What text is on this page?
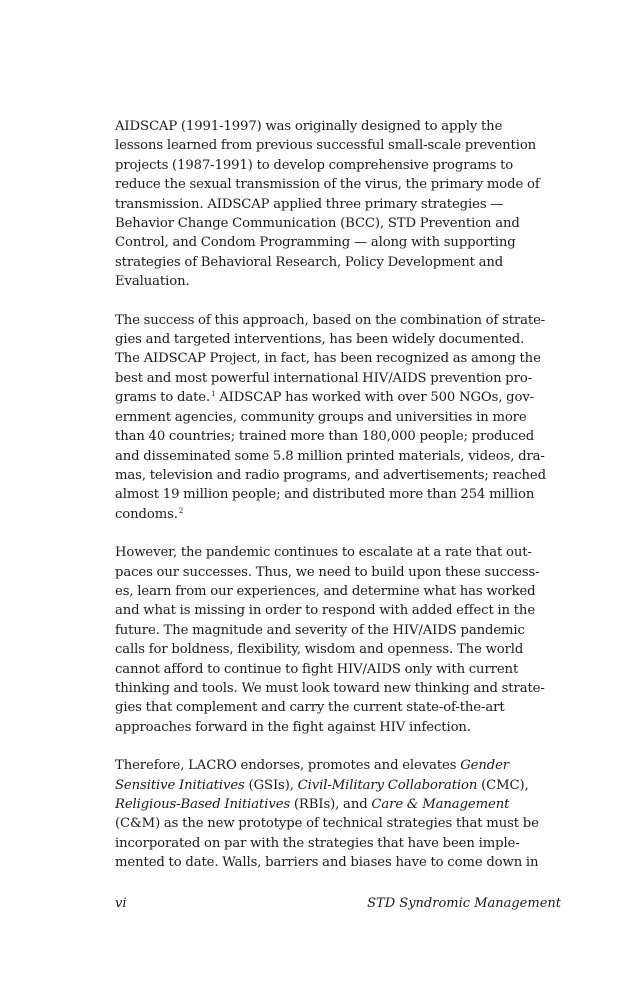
AIDSCAP (1991-1997) was originally designed to apply the
lessons learned from previous successful small-scale prevention
projects (1987-1991) to develop comprehensive programs to
reduce the sexual transmission of the virus, the primary mode of
transmission. AIDSCAP applied three primary strategies —
Behavior Change Communication (BCC), STD Prevention and
Control, and Condom Programming — along with supporting
strategies of Behavioral Research, Policy Development and
Evaluation.

The success of this approach, based on the combination of strate-
gies and targeted interventions, has been widely documented.
The AIDSCAP Project, in fact, has been recognized as among the
best and most powerful international HIV/AIDS prevention pro-
grams to date.$^1$ AIDSCAP has worked with over 500 NGOs, gov-
ernment agencies, community groups and universities in more
than 40 countries; trained more than 180,000 people; produced
and disseminated some 5.8 million printed materials, videos, dra-
mas, television and radio programs, and advertisements; reached
almost 19 million people; and distributed more than 254 million
condoms.$^2$

However, the pandemic continues to escalate at a rate that out-
paces our successes. Thus, we need to build upon these success-
es, learn from our experiences, and determine what has worked
and what is missing in order to respond with added effect in the
future. The magnitude and severity of the HIV/AIDS pandemic
calls for boldness, flexibility, wisdom and openness. The world
cannot afford to continue to fight HIV/AIDS only with current
thinking and tools. We must look toward new thinking and strate-
gies that complement and carry the current state-of-the-art
approaches forward in the fight against HIV infection.

Therefore, LACRO endorses, promotes and elevates Gender
Sensitive Initiatives (GSIs), Civil-Military Collaboration (CMC),
Religious-Based Initiatives (RBIs), and Care & Management
(C&M) as the new prototype of technical strategies that must be
incorporated on par with the strategies that have been imple-
mented to date. Walls, barriers and biases have to come down in

vi	STD Syndromic Management
